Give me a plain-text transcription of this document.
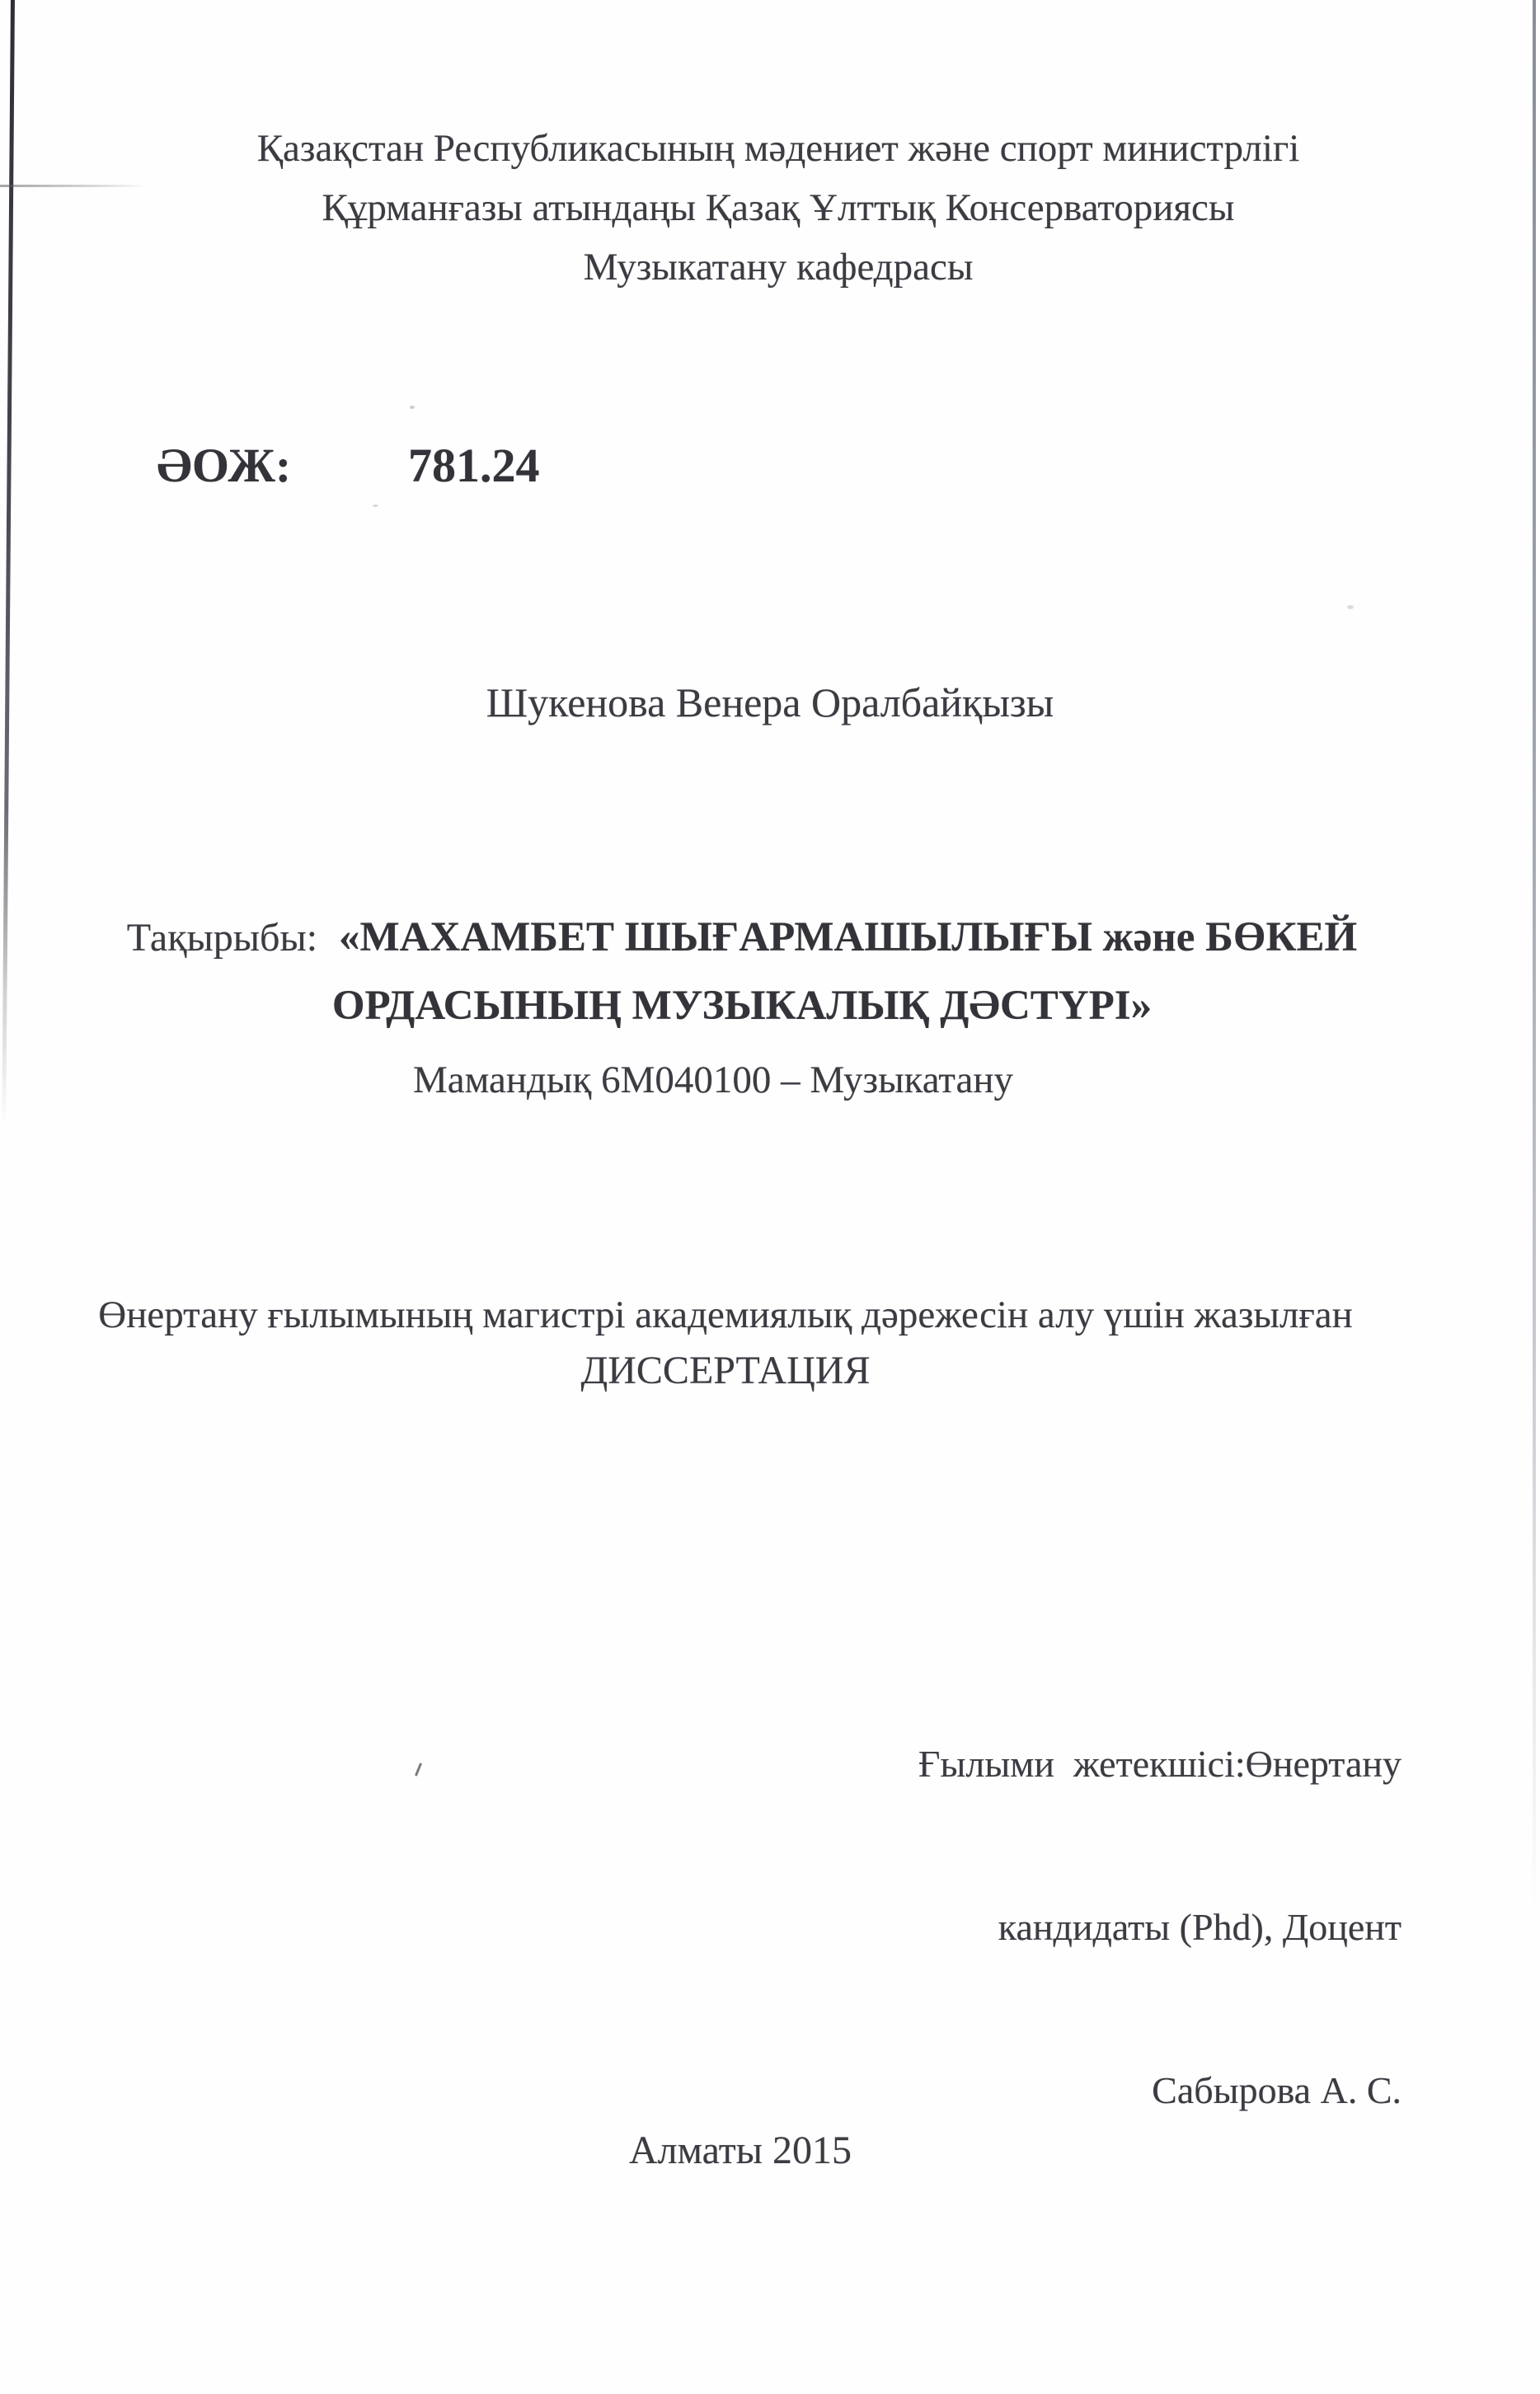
Қазақстан Республикасының мәдениет және спорт министрлігі
Құрманғазы атындаңы Қазақ Ұлттық Консерваториясы
Музыкатану кафедрасы
ӘОЖ: 781.24
Шукенова Венера Оралбайқызы
Тақырыбы: «МАХАМБЕТ ШЫҒАРМАШЫЛЫҒЫ және БӨКЕЙ
ОРДАСЫНЫҢ МУЗЫКАЛЫҚ ДӘСТҮРІ»
Мамандық 6М040100 – Музыкатану
Өнертану ғылымының магистрі академиялық дәрежесін алу үшін жазылған
ДИССЕРТАЦИЯ

Ғылыми  жетекшісі:Өнертану

кандидаты (Phd), Доцент

Сабырова А. С.

Алматы 2015
